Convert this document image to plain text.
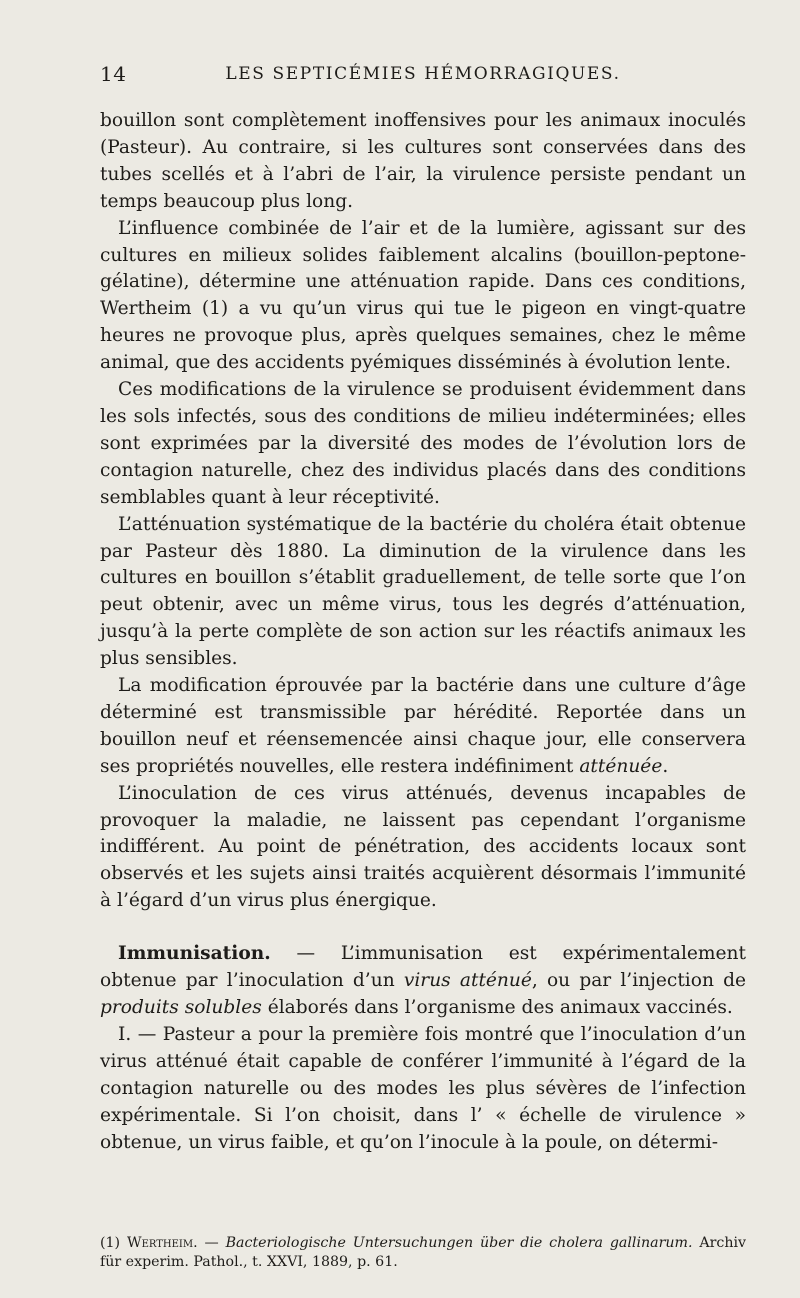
14	LES SEPTICÉMIES HÉMORRAGIQUES.

bouillon sont complètement inoffensives pour les animaux inoculés (Pasteur). Au contraire, si les cultures sont conservées dans des tubes scellés et à l’abri de l’air, la virulence persiste pendant un temps beaucoup plus long.

L’influence combinée de l’air et de la lumière, agissant sur des cultures en milieux solides faiblement alcalins (bouillon-peptone-gélatine), détermine une atténuation rapide. Dans ces conditions, Wertheim (1) a vu qu’un virus qui tue le pigeon en vingt-quatre heures ne provoque plus, après quelques semaines, chez le même animal, que des accidents pyémiques disséminés à évolution lente.

Ces modifications de la virulence se produisent évidemment dans les sols infectés, sous des conditions de milieu indéterminées; elles sont exprimées par la diversité des modes de l’évolution lors de contagion naturelle, chez des individus placés dans des conditions semblables quant à leur réceptivité.

L’atténuation systématique de la bactérie du choléra était obtenue par Pasteur dès 1880. La diminution de la virulence dans les cultures en bouillon s’établit graduellement, de telle sorte que l’on peut obtenir, avec un même virus, tous les degrés d’atténuation, jusqu’à la perte complète de son action sur les réactifs animaux les plus sensibles.

La modification éprouvée par la bactérie dans une culture d’âge déterminé est transmissible par hérédité. Reportée dans un bouillon neuf et réensemencée ainsi chaque jour, elle conservera ses propriétés nouvelles, elle restera indéfiniment atténuée.

L’inoculation de ces virus atténués, devenus incapables de provoquer la maladie, ne laissent pas cependant l’organisme indifférent. Au point de pénétration, des accidents locaux sont observés et les sujets ainsi traités acquièrent désormais l’immunité à l’égard d’un virus plus énergique.

Immunisation. — L’immunisation est expérimentalement obtenue par l’inoculation d’un virus atténué, ou par l’injection de produits solubles élaborés dans l’organisme des animaux vaccinés.

I. — Pasteur a pour la première fois montré que l’inoculation d’un virus atténué était capable de conférer l’immunité à l’égard de la contagion naturelle ou des modes les plus sévères de l’infection expérimentale. Si l’on choisit, dans l’ « échelle de virulence » obtenue, un virus faible, et qu’on l’inocule à la poule, on détermi-

(1) Wertheim. — Bacteriologische Untersuchungen über die cholera gallinarum. Archiv für experim. Pathol., t. XXVI, 1889, p. 61.
